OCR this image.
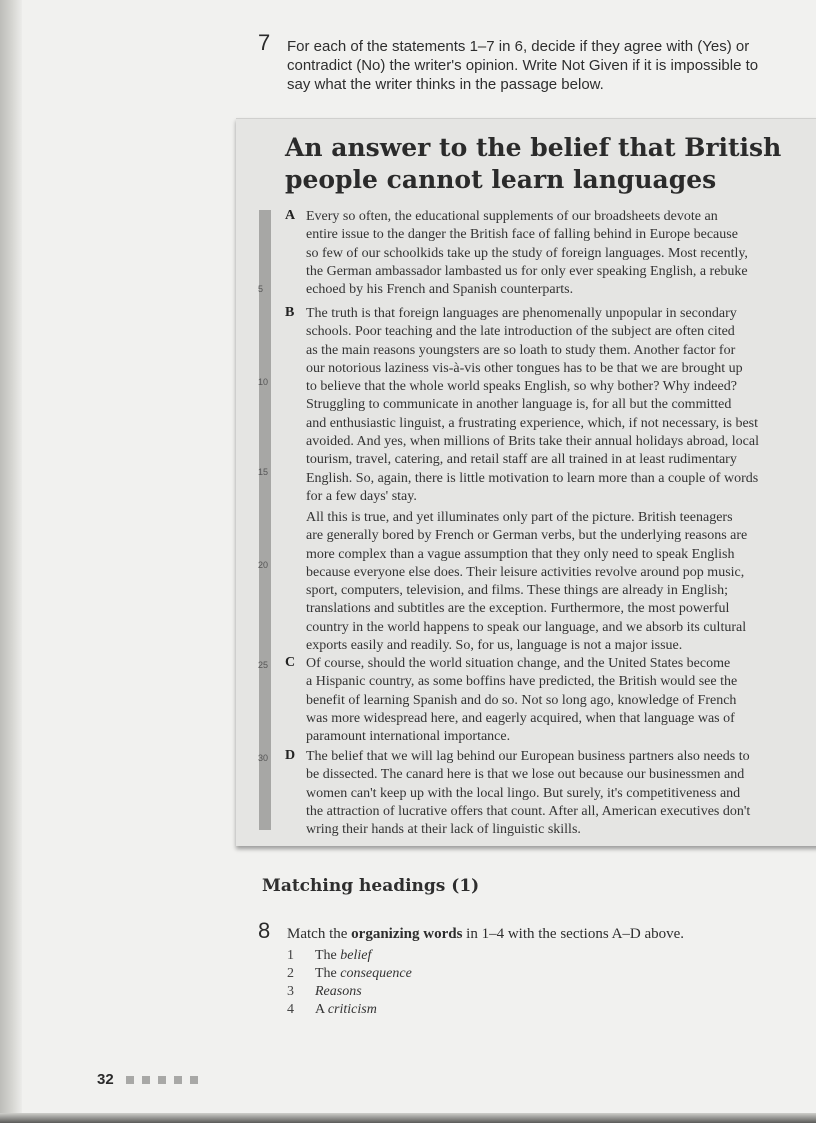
7 For each of the statements 1–7 in 6, decide if they agree with (Yes) or
contradict (No) the writer's opinion. Write Not Given if it is impossible to
say what the writer thinks in the passage below.
An answer to the belief that British
people cannot learn languages
5
10
15
20
25
30
A Every so often, the educational supplements of our broadsheets devote an
entire issue to the danger the British face of falling behind in Europe because
so few of our schoolkids take up the study of foreign languages. Most recently,
the German ambassador lambasted us for only ever speaking English, a rebuke
echoed by his French and Spanish counterparts.
B The truth is that foreign languages are phenomenally unpopular in secondary
schools. Poor teaching and the late introduction of the subject are often cited
as the main reasons youngsters are so loath to study them. Another factor for
our notorious laziness vis-à-vis other tongues has to be that we are brought up
to believe that the whole world speaks English, so why bother? Why indeed?
Struggling to communicate in another language is, for all but the committed
and enthusiastic linguist, a frustrating experience, which, if not necessary, is best
avoided. And yes, when millions of Brits take their annual holidays abroad, local
tourism, travel, catering, and retail staff are all trained in at least rudimentary
English. So, again, there is little motivation to learn more than a couple of words
for a few days' stay.
All this is true, and yet illuminates only part of the picture. British teenagers
are generally bored by French or German verbs, but the underlying reasons are
more complex than a vague assumption that they only need to speak English
because everyone else does. Their leisure activities revolve around pop music,
sport, computers, television, and films. These things are already in English;
translations and subtitles are the exception. Furthermore, the most powerful
country in the world happens to speak our language, and we absorb its cultural
exports easily and readily. So, for us, language is not a major issue.
C Of course, should the world situation change, and the United States become
a Hispanic country, as some boffins have predicted, the British would see the
benefit of learning Spanish and do so. Not so long ago, knowledge of French
was more widespread here, and eagerly acquired, when that language was of
paramount international importance.
D The belief that we will lag behind our European business partners also needs to
be dissected. The canard here is that we lose out because our businessmen and
women can't keep up with the local lingo. But surely, it's competitiveness and
the attraction of lucrative offers that count. After all, American executives don't
wring their hands at their lack of linguistic skills.
Matching headings (1)
8 Match the organizing words in 1–4 with the sections A–D above.
1 The belief
2 The consequence
3 Reasons
4 A criticism
32
